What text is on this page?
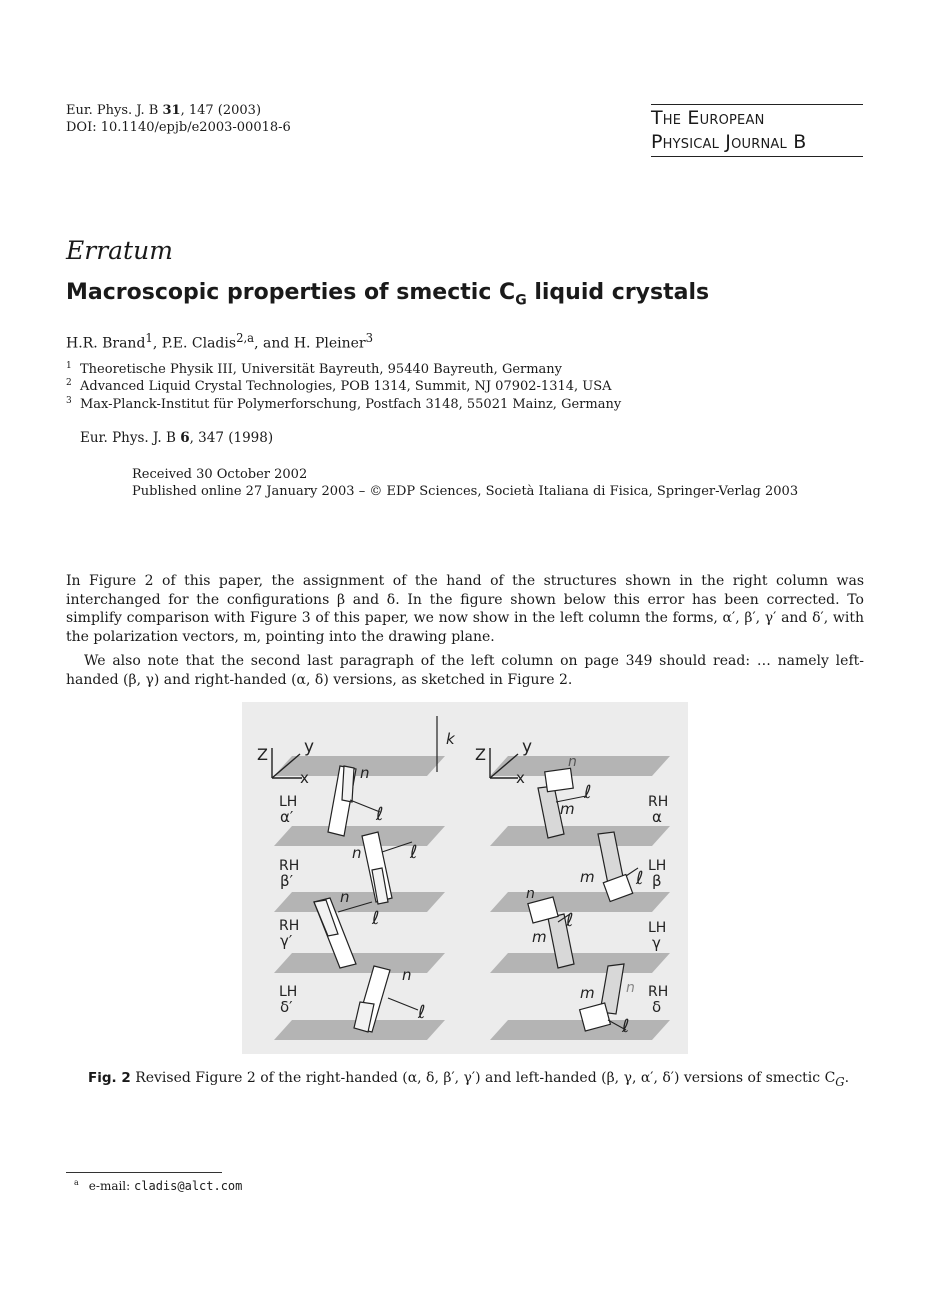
Eur. Phys. J. B 31, 147 (2003)
DOI: 10.1140/epjb/e2003-00018-6	The European
Physical Journal B
Erratum
Macroscopic properties of smectic $C_G$ liquid crystals
H.R. Brand$^1$, P.E. Cladis$^{2,a}$, and H. Pleiner$^3$
1 Theoretische Physik III, Universität Bayreuth, 95440 Bayreuth, Germany
2 Advanced Liquid Crystal Technologies, POB 1314, Summit, NJ 07902-1314, USA
3 Max-Planck-Institut für Polymerforschung, Postfach 3148, 55021 Mainz, Germany
Eur. Phys. J. B 6, 347 (1998)
Received 30 October 2002
Published online 27 January 2003 – © EDP Sciences, Società Italiana di Fisica, Springer-Verlag 2003
In Figure 2 of this paper, the assignment of the hand of the structures shown in the right column was interchanged for the configurations β and δ. In the figure shown below this error has been corrected. To simplify comparison with Figure 3 of this paper, we now show in the left column the forms, α′, β′, γ′ and δ′, with the polarization vectors, m, pointing into the drawing plane.
We also note that the second last paragraph of the left column on page 349 should read: … namely left-handed (β, γ) and right-handed (α, δ) versions, as sketched in Figure 2.
k
Z y
x
Z y
x
n
ℓ
n	ℓ
n
ℓ
n
ℓ
LH
α′
RH
β′
RH
γ′
LH
δ′
n
ℓ
m
m ℓ
n
ℓ
m
m n
ℓ
RH
α
LH
β
LH
γ
RH
δ
Fig. 2 Revised Figure 2 of the right-handed (α, δ, β′, γ′) and left-handed (β, γ, α′, δ′) versions of smectic $C_G$.
$^a$ e-mail: cladis@alct.com
